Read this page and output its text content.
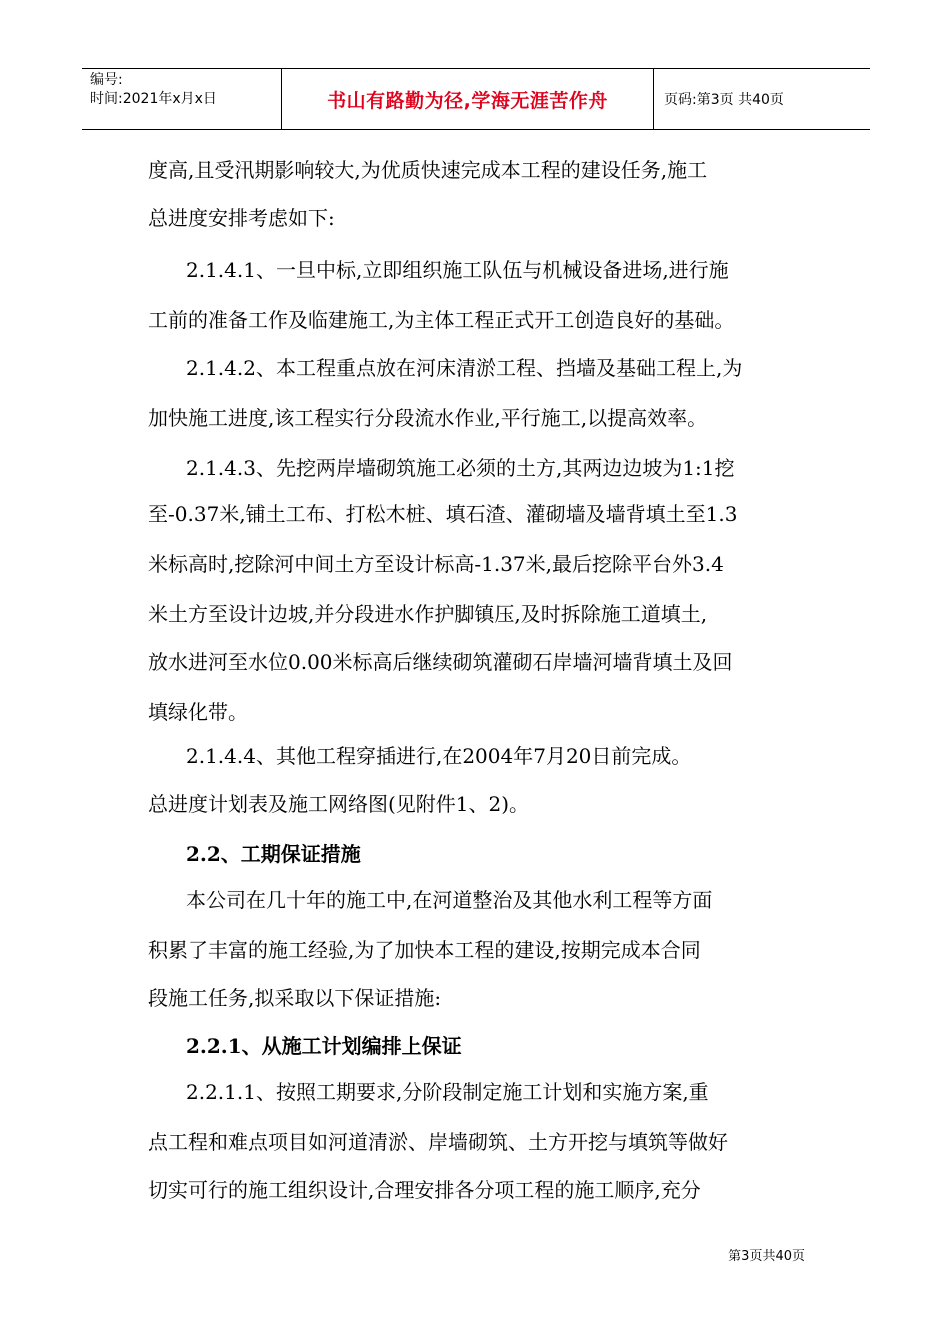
编号:
时间:2021年x月x日	书山有路勤为径,学海无涯苦作舟	页码:第3页 共40页
度高,且受汛期影响较大,为优质快速完成本工程的建设任务,施工
总进度安排考虑如下:
2.1.4.1、一旦中标,立即组织施工队伍与机械设备进场,进行施
工前的准备工作及临建施工,为主体工程正式开工创造良好的基础。
2.1.4.2、本工程重点放在河床清淤工程、挡墙及基础工程上,为
加快施工进度,该工程实行分段流水作业,平行施工,以提高效率。
2.1.4.3、先挖两岸墙砌筑施工必须的土方,其两边边坡为1:1挖
至-0.37米,铺土工布、打松木桩、填石渣、灌砌墙及墙背填土至1.3
米标高时,挖除河中间土方至设计标高-1.37米,最后挖除平台外3.4
米土方至设计边坡,并分段进水作护脚镇压,及时拆除施工道填土,
放水进河至水位0.00米标高后继续砌筑灌砌石岸墙河墙背填土及回
填绿化带。
2.1.4.4、其他工程穿插进行,在2004年7月20日前完成。
总进度计划表及施工网络图(见附件1、2)。
2.2、工期保证措施
本公司在几十年的施工中,在河道整治及其他水利工程等方面
积累了丰富的施工经验,为了加快本工程的建设,按期完成本合同
段施工任务,拟采取以下保证措施:
2.2.1、从施工计划编排上保证
2.2.1.1、按照工期要求,分阶段制定施工计划和实施方案,重
点工程和难点项目如河道清淤、岸墙砌筑、土方开挖与填筑等做好
切实可行的施工组织设计,合理安排各分项工程的施工顺序,充分
第3页共40页
